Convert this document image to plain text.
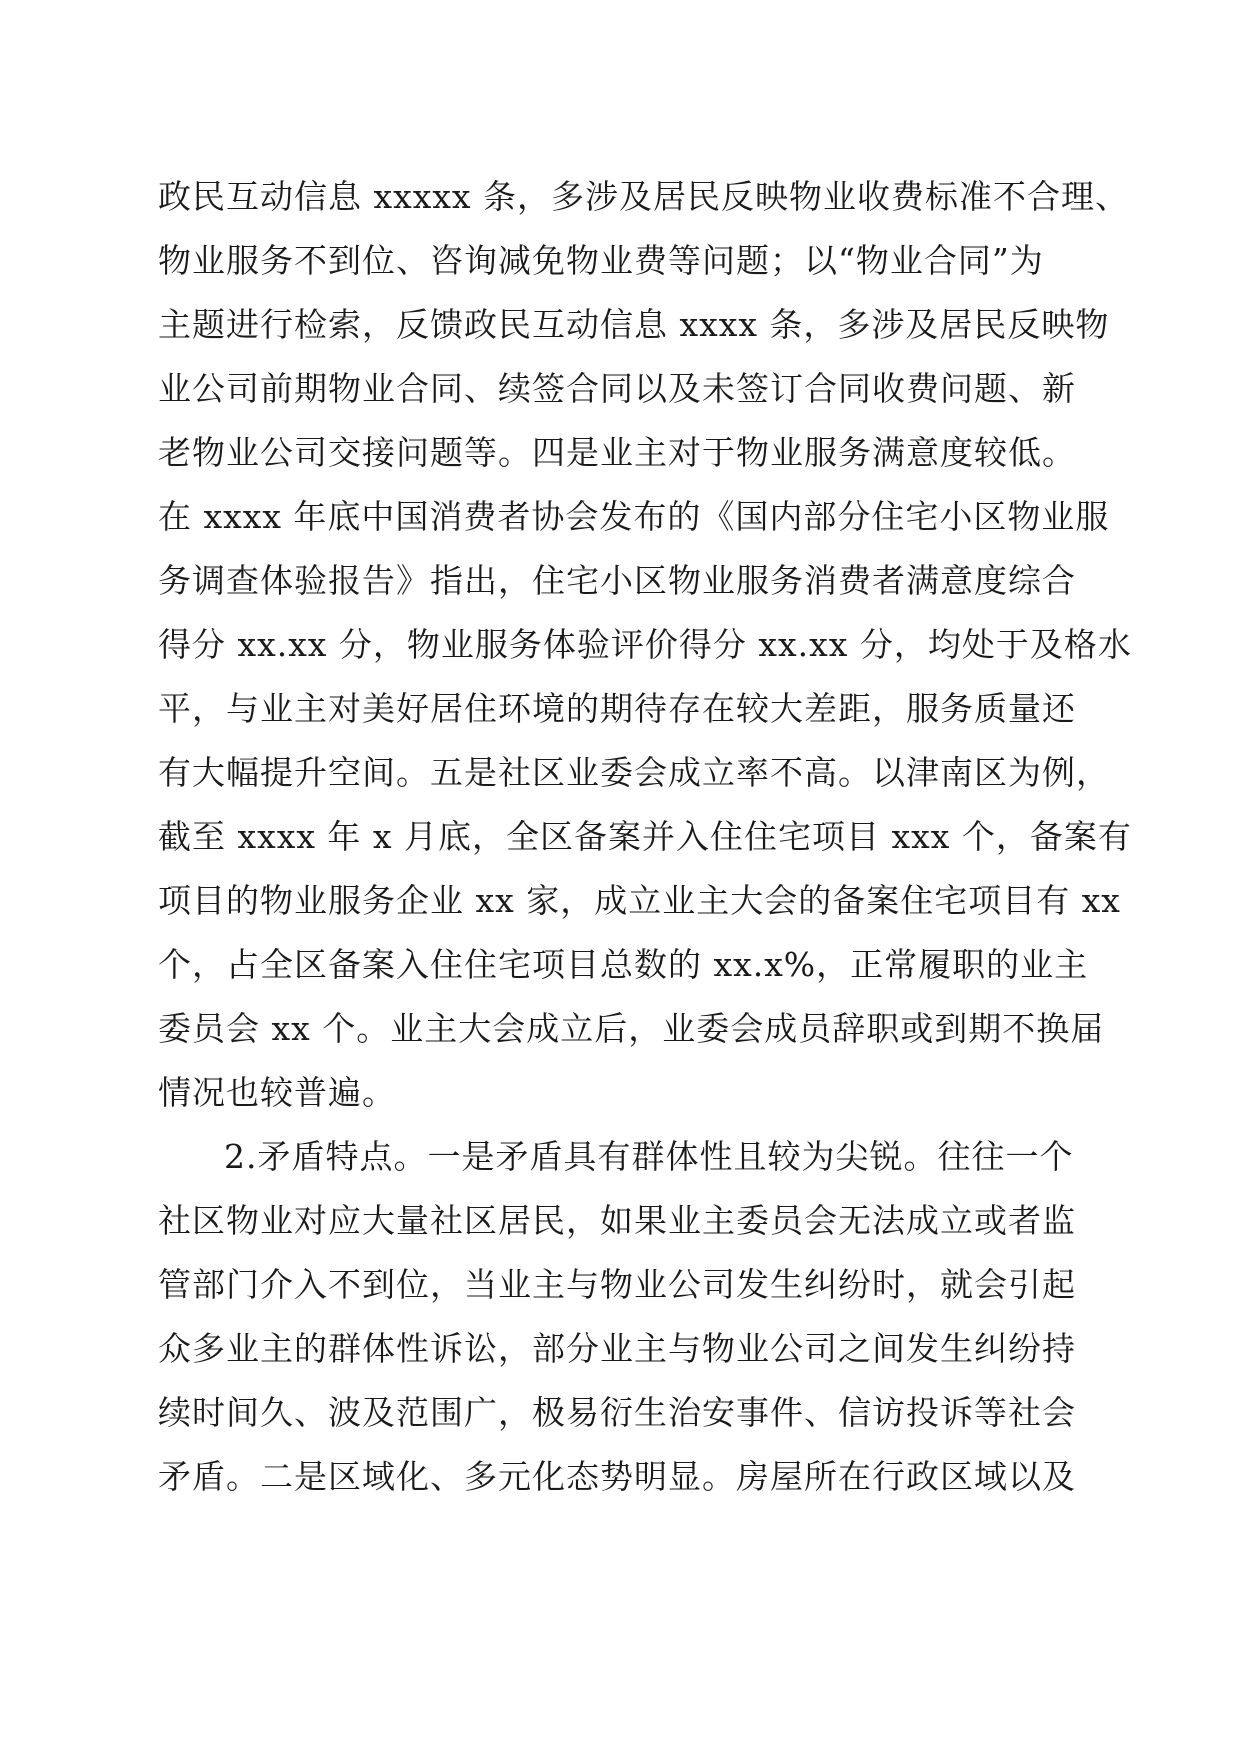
政民互动信息 xxxxx 条，多涉及居民反映物业收费标准不合理、
物业服务不到位、咨询减免物业费等问题；以“物业合同”为
主题进行检索，反馈政民互动信息 xxxx 条，多涉及居民反映物
业公司前期物业合同、续签合同以及未签订合同收费问题、新
老物业公司交接问题等。四是业主对于物业服务满意度较低。
在 xxxx 年底中国消费者协会发布的《国内部分住宅小区物业服
务调查体验报告》指出，住宅小区物业服务消费者满意度综合
得分 xx.xx 分，物业服务体验评价得分 xx.xx 分，均处于及格水
平，与业主对美好居住环境的期待存在较大差距，服务质量还
有大幅提升空间。五是社区业委会成立率不高。以津南区为例，
截至 xxxx 年 x 月底，全区备案并入住住宅项目 xxx 个，备案有
项目的物业服务企业 xx 家，成立业主大会的备案住宅项目有 xx
个，占全区备案入住住宅项目总数的 xx.x%，正常履职的业主
委员会 xx 个。业主大会成立后，业委会成员辞职或到期不换届
情况也较普遍。
2.矛盾特点。一是矛盾具有群体性且较为尖锐。往往一个
社区物业对应大量社区居民，如果业主委员会无法成立或者监
管部门介入不到位，当业主与物业公司发生纠纷时，就会引起
众多业主的群体性诉讼，部分业主与物业公司之间发生纠纷持
续时间久、波及范围广，极易衍生治安事件、信访投诉等社会
矛盾。二是区域化、多元化态势明显。房屋所在行政区域以及
